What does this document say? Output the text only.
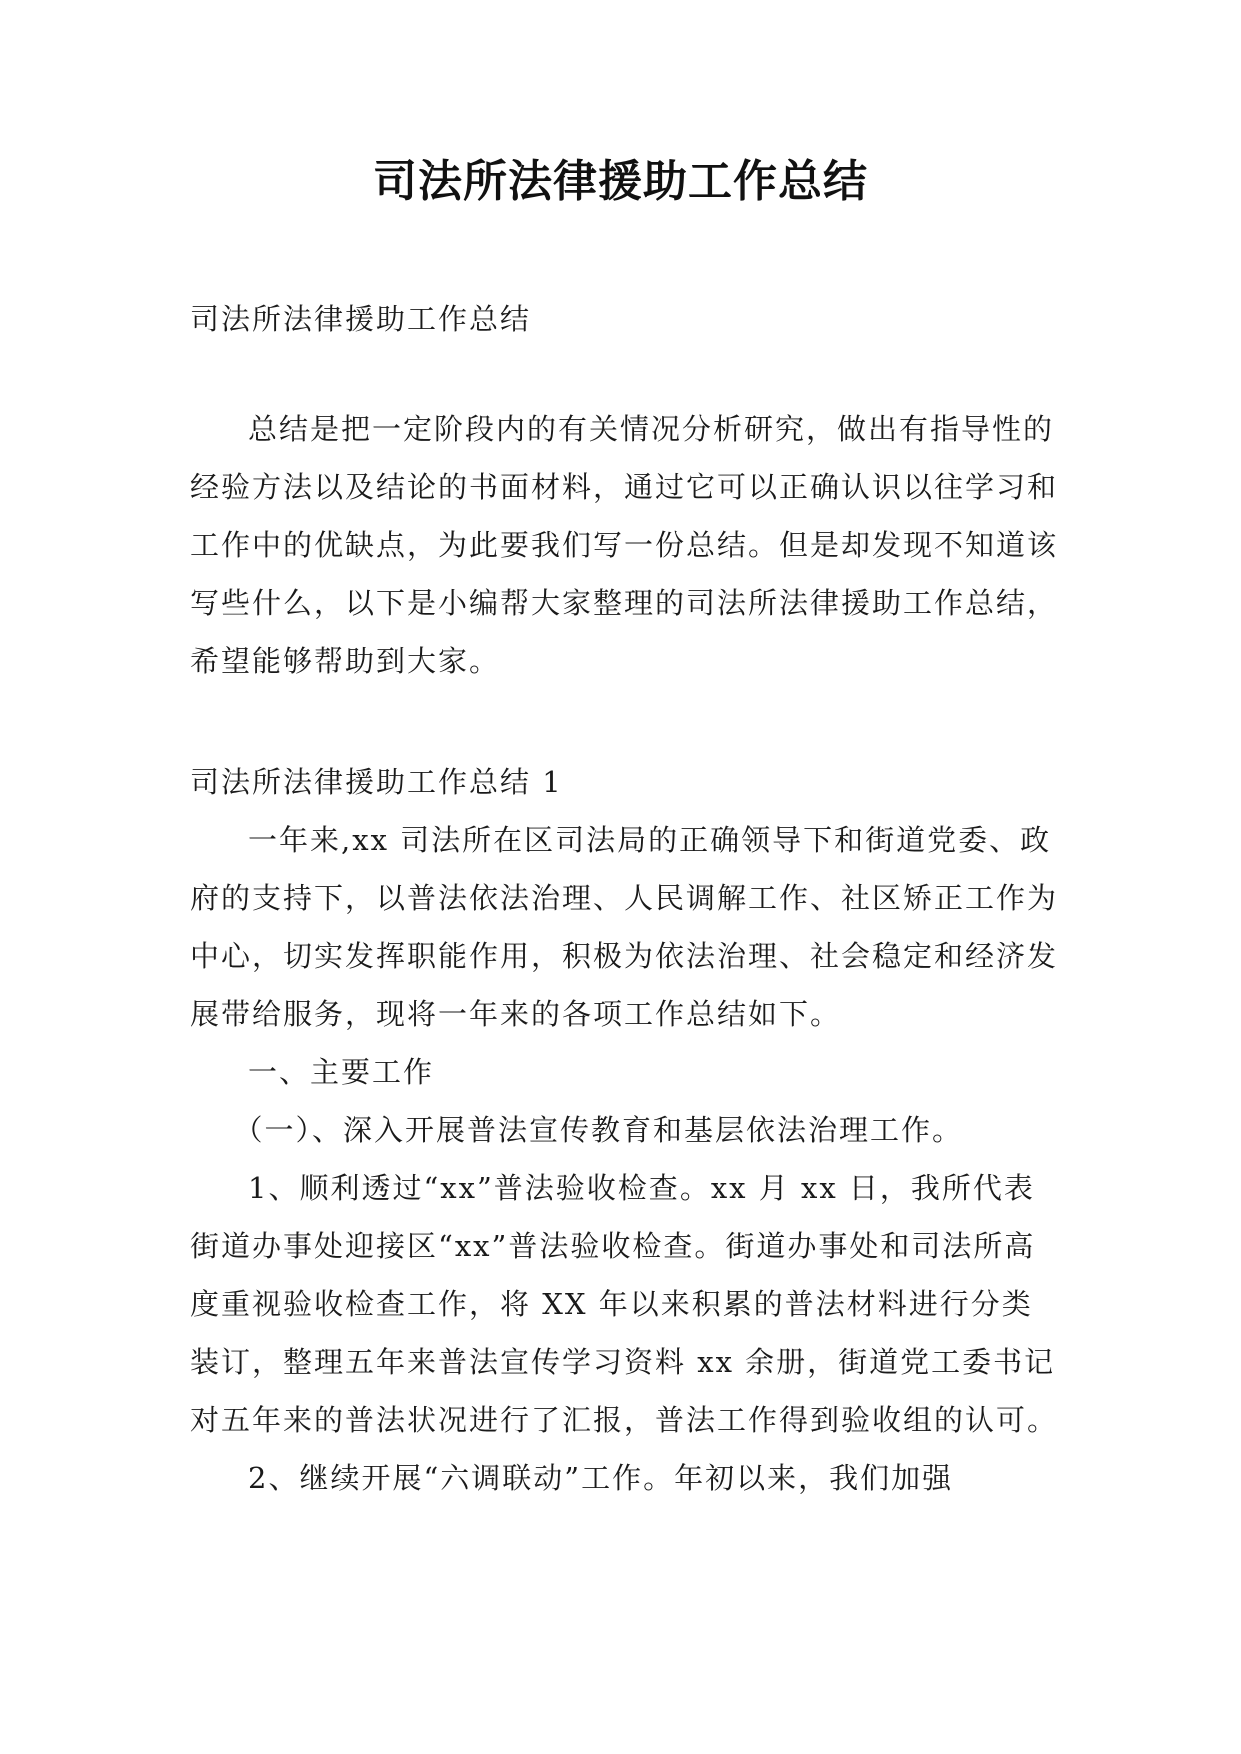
司法所法律援助工作总结
司法所法律援助工作总结

总结是把一定阶段内的有关情况分析研究，做出有指导性的经验方法以及结论的书面材料，通过它可以正确认识以往学习和工作中的优缺点，为此要我们写一份总结。但是却发现不知道该写些什么，以下是小编帮大家整理的司法所法律援助工作总结，希望能够帮助到大家。

司法所法律援助工作总结 1

一年来,xx 司法所在区司法局的正确领导下和街道党委、政府的支持下，以普法依法治理、人民调解工作、社区矫正工作为中心，切实发挥职能作用，积极为依法治理、社会稳定和经济发展带给服务，现将一年来的各项工作总结如下。

一、主要工作

（一）、深入开展普法宣传教育和基层依法治理工作。

1、顺利透过“xx”普法验收检查。xx 月 xx 日，我所代表街道办事处迎接区“xx”普法验收检查。街道办事处和司法所高度重视验收检查工作，将 XX 年以来积累的普法材料进行分类装订，整理五年来普法宣传学习资料 xx 余册，街道党工委书记对五年来的普法状况进行了汇报，普法工作得到验收组的认可。

2、继续开展“六调联动”工作。年初以来，我们加强
